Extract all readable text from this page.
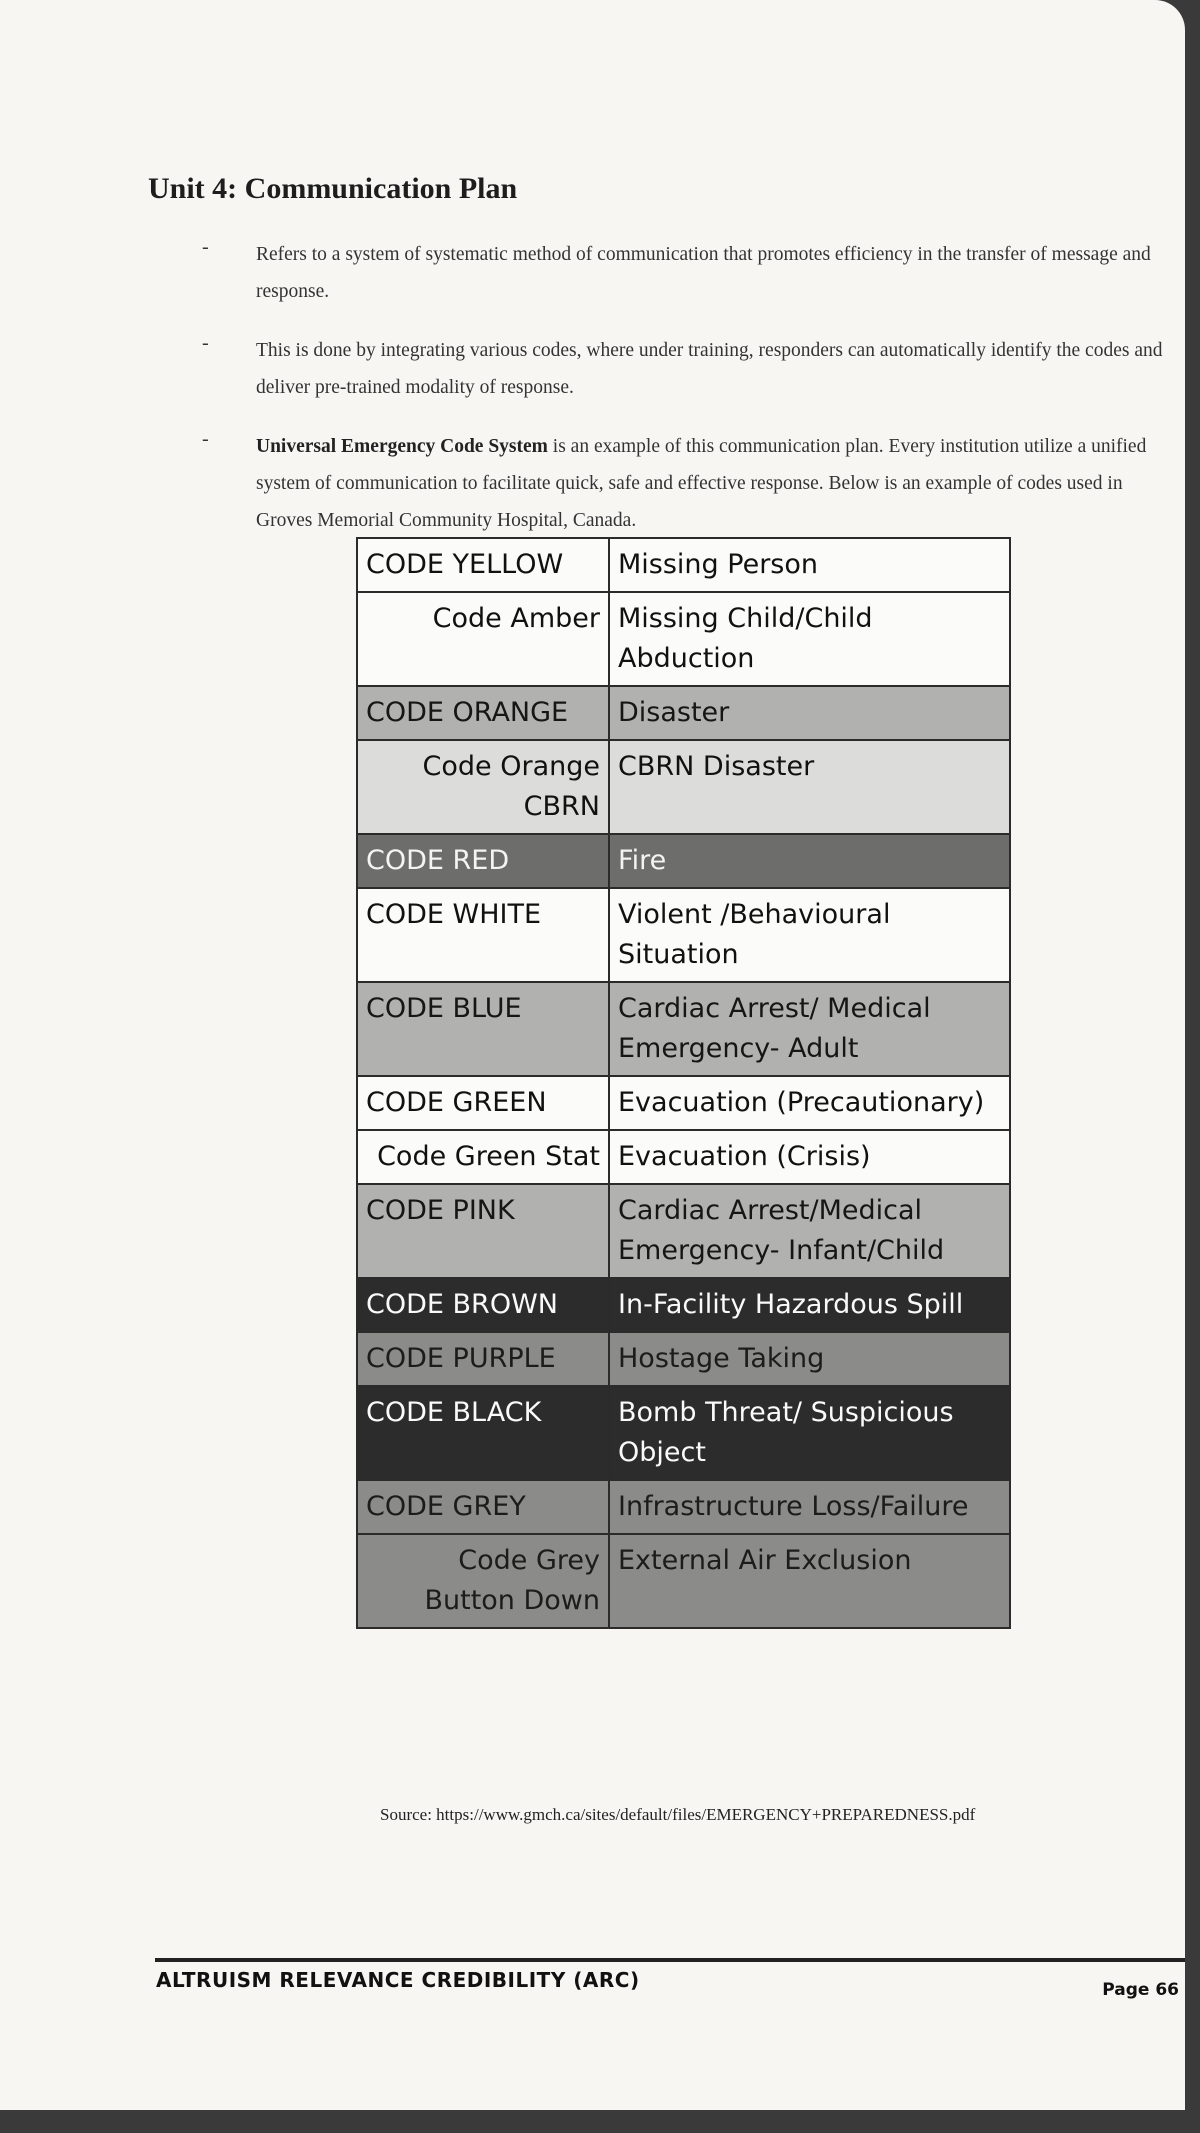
Unit 4: Communication Plan
- Refers to a system of systematic method of communication that promotes efficiency in the transfer of message and response.
- This is done by integrating various codes, where under training, responders can automatically identify the codes and deliver pre-trained modality of response.
- Universal Emergency Code System is an example of this communication plan. Every institution utilize a unified system of communication to facilitate quick, safe and effective response. Below is an example of codes used in Groves Memorial Community Hospital, Canada.
CODE YELLOW	Missing Person
Code Amber	Missing Child/Child Abduction
CODE ORANGE	Disaster
Code Orange CBRN	CBRN Disaster
CODE RED	Fire
CODE WHITE	Violent /Behavioural Situation
CODE BLUE	Cardiac Arrest/ Medical Emergency- Adult
CODE GREEN	Evacuation (Precautionary)
Code Green Stat	Evacuation (Crisis)
CODE PINK	Cardiac Arrest/Medical Emergency- Infant/Child
CODE BROWN	In-Facility Hazardous Spill
CODE PURPLE	Hostage Taking
CODE BLACK	Bomb Threat/ Suspicious Object
CODE GREY	Infrastructure Loss/Failure
Code Grey Button Down	External Air Exclusion
Source: https://www.gmch.ca/sites/default/files/EMERGENCY+PREPAREDNESS.pdf
ALTRUISM RELEVANCE CREDIBILITY (ARC)	Page 66
